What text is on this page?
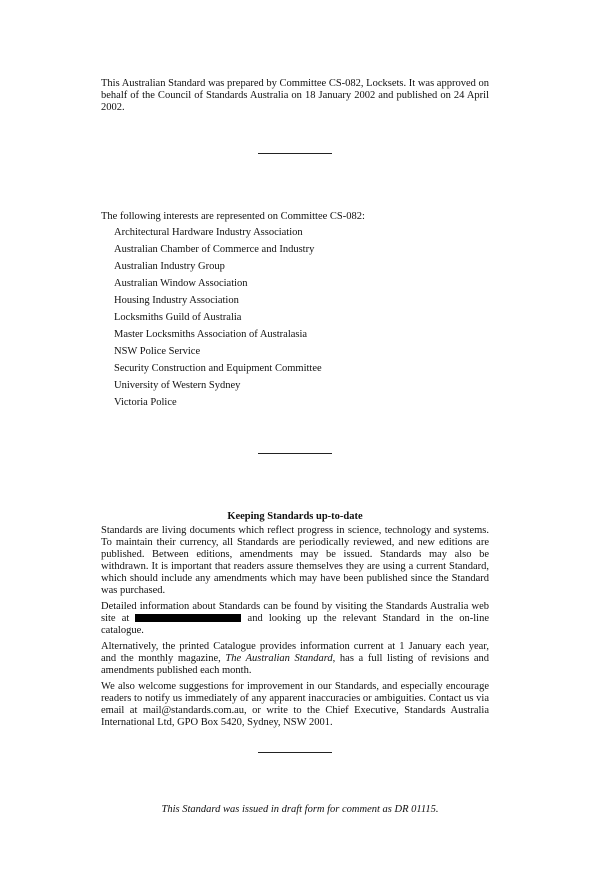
This Australian Standard was prepared by Committee CS-082, Locksets. It was approved on behalf of the Council of Standards Australia on 18 January 2002 and published on 24 April 2002.
The following interests are represented on Committee CS-082:
Architectural Hardware Industry Association
Australian Chamber of Commerce and Industry
Australian Industry Group
Australian Window Association
Housing Industry Association
Locksmiths Guild of Australia
Master Locksmiths Association of Australasia
NSW Police Service
Security Construction and Equipment Committee
University of Western Sydney
Victoria Police
Keeping Standards up-to-date

Standards are living documents which reflect progress in science, technology and systems. To maintain their currency, all Standards are periodically reviewed, and new editions are published. Between editions, amendments may be issued. Standards may also be withdrawn. It is important that readers assure themselves they are using a current Standard, which should include any amendments which may have been published since the Standard was purchased.

Detailed information about Standards can be found by visiting the Standards Australia web site at	and looking up the relevant Standard in the on-line catalogue.

Alternatively, the printed Catalogue provides information current at 1 January each year, and the monthly magazine, The Australian Standard, has a full listing of revisions and amendments published each month.

We also welcome suggestions for improvement in our Standards, and especially encourage readers to notify us immediately of any apparent inaccuracies or ambiguities. Contact us via email at mail@standards.com.au, or write to the Chief Executive, Standards Australia International Ltd, GPO Box 5420, Sydney, NSW 2001.

This Standard was issued in draft form for comment as DR 01115.
